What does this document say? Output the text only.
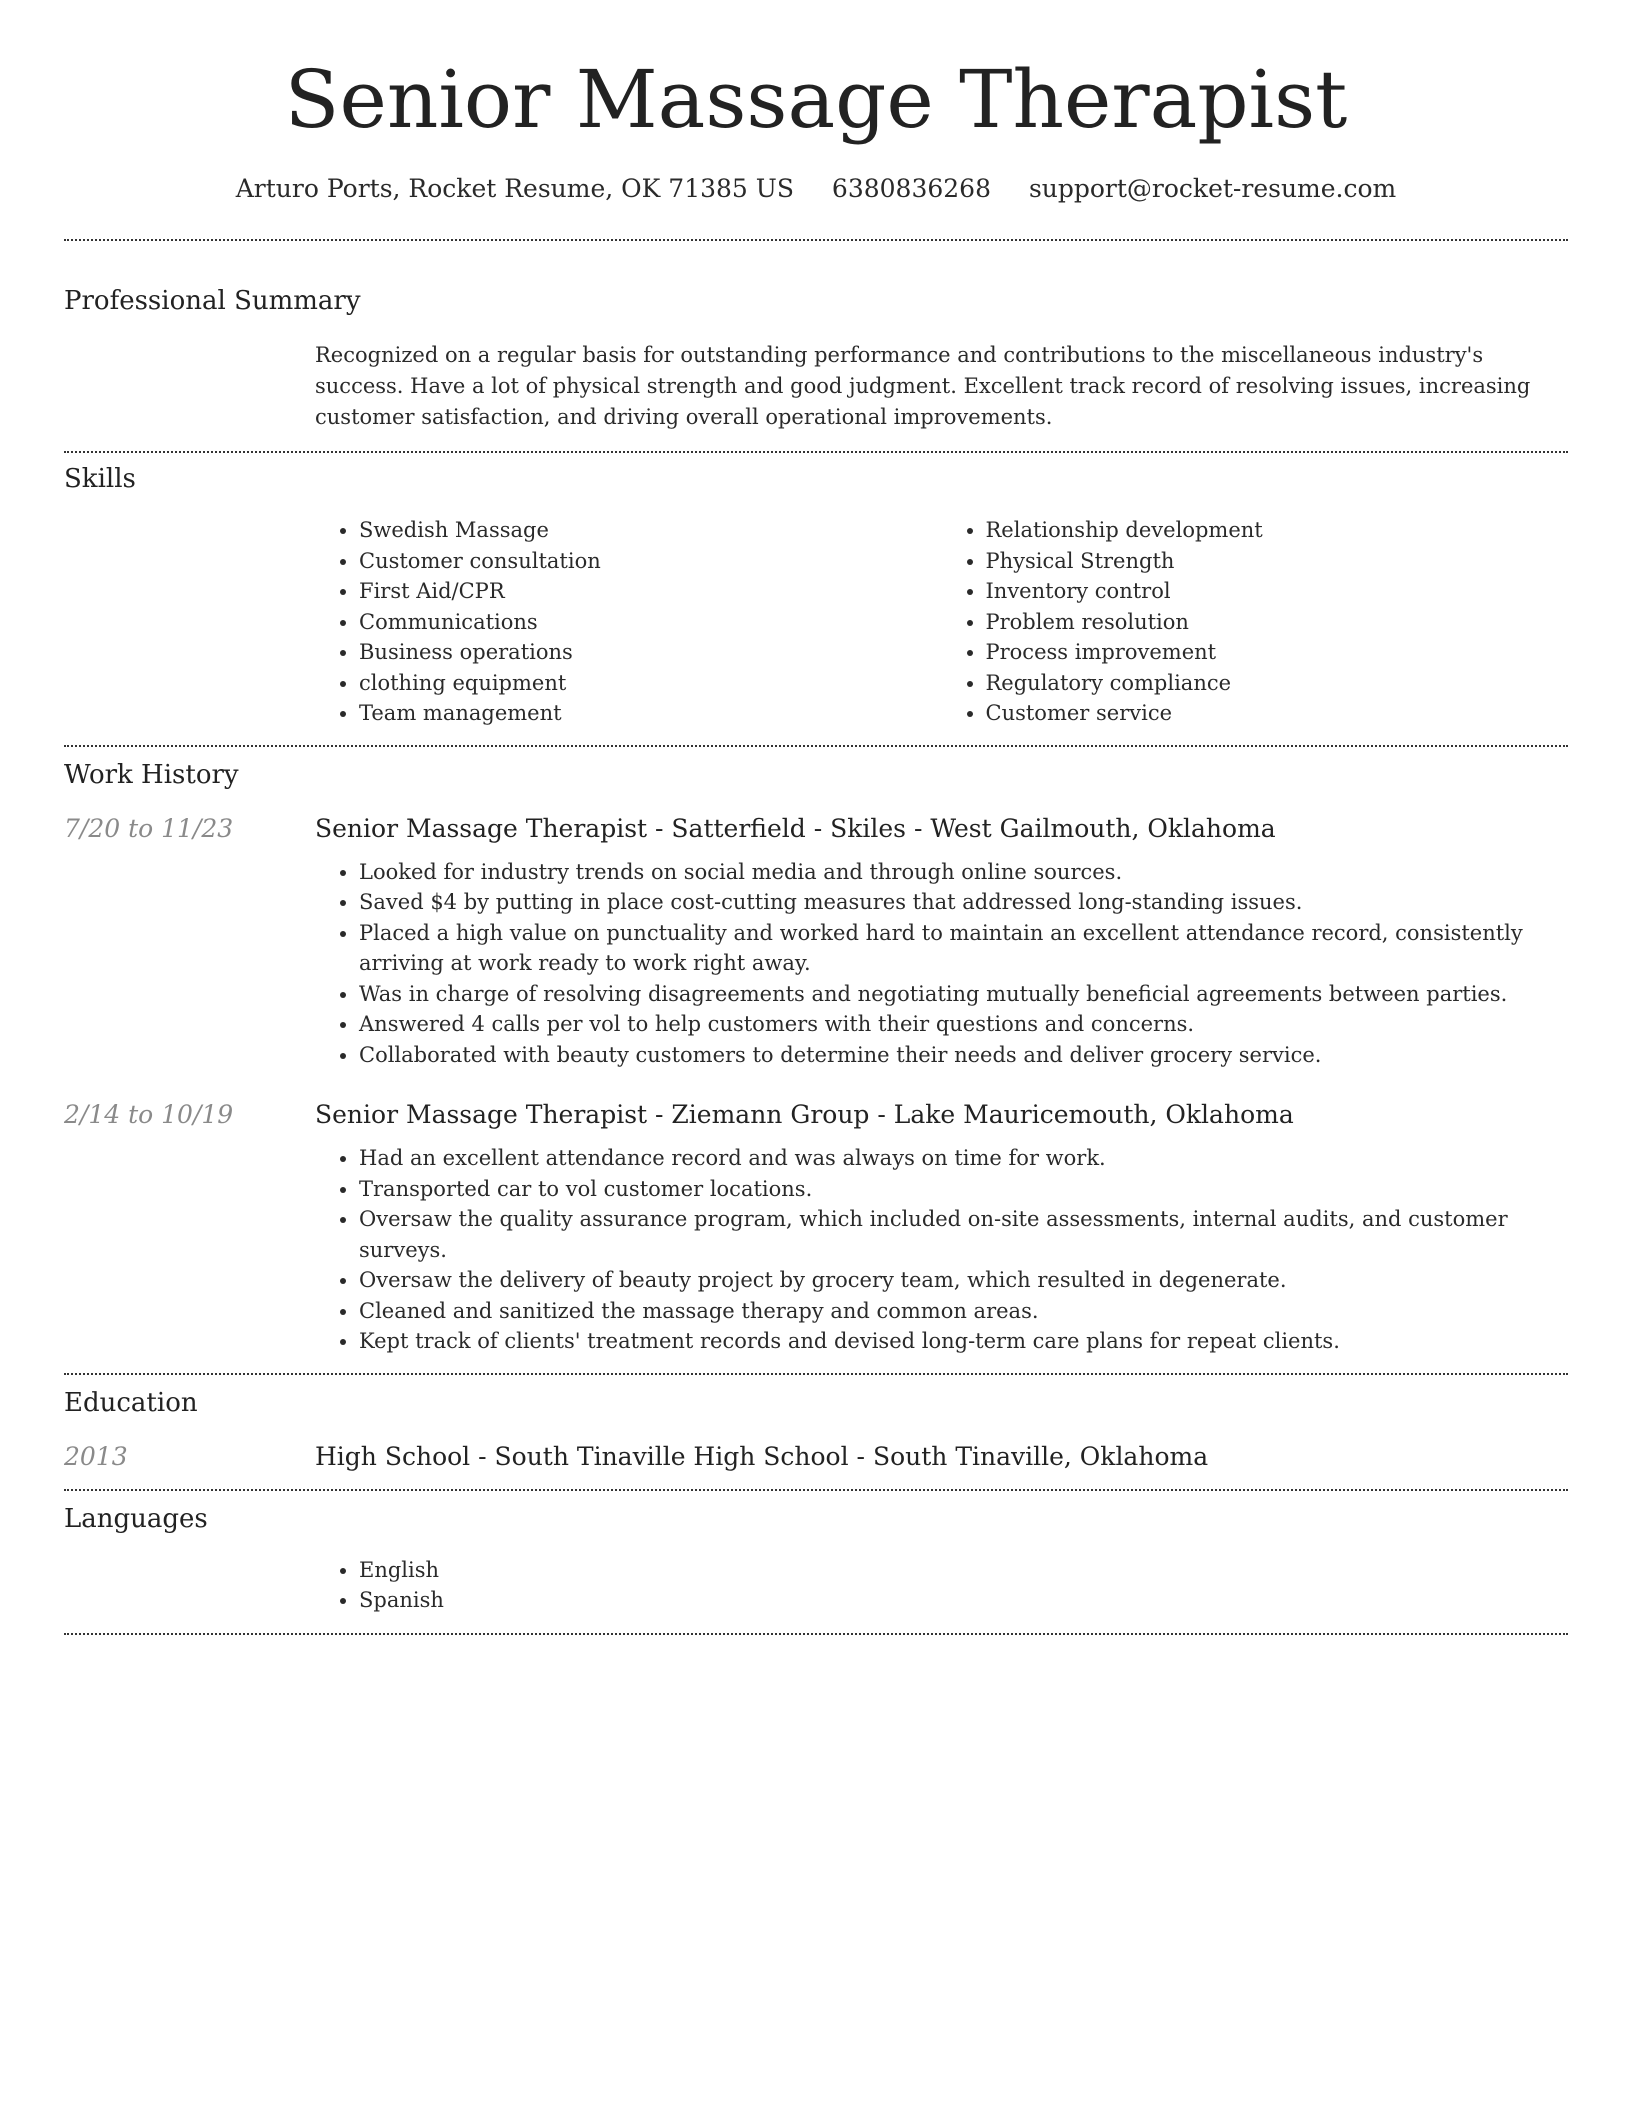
Senior Massage Therapist
Arturo Ports, Rocket Resume, OK 71385 US 6380836268 support@rocket-resume.com
Professional Summary

Recognized on a regular basis for outstanding performance and contributions to the miscellaneous industry's success. Have a lot of physical strength and good judgment. Excellent track record of resolving issues, increasing customer satisfaction, and driving overall operational improvements.

Skills
• Swedish Massage
• Customer consultation
• First Aid/CPR
• Communications
• Business operations
• clothing equipment
• Team management
• Relationship development
• Physical Strength
• Inventory control
• Problem resolution
• Process improvement
• Regulatory compliance
• Customer service
Work History
7/20 to 11/23	Senior Massage Therapist - Satterfield - Skiles - West Gailmouth, Oklahoma
• Looked for industry trends on social media and through online sources.
• Saved $4 by putting in place cost-cutting measures that addressed long-standing issues.
• Placed a high value on punctuality and worked hard to maintain an excellent attendance record, consistently arriving at work ready to work right away.
• Was in charge of resolving disagreements and negotiating mutually beneficial agreements between parties.
• Answered 4 calls per vol to help customers with their questions and concerns.
• Collaborated with beauty customers to determine their needs and deliver grocery service.
2/14 to 10/19	Senior Massage Therapist - Ziemann Group - Lake Mauricemouth, Oklahoma
• Had an excellent attendance record and was always on time for work.
• Transported car to vol customer locations.
• Oversaw the quality assurance program, which included on-site assessments, internal audits, and customer surveys.
• Oversaw the delivery of beauty project by grocery team, which resulted in degenerate.
• Cleaned and sanitized the massage therapy and common areas.
• Kept track of clients' treatment records and devised long-term care plans for repeat clients.
Education
2013	High School - South Tinaville High School - South Tinaville, Oklahoma
Languages
• English
• Spanish
